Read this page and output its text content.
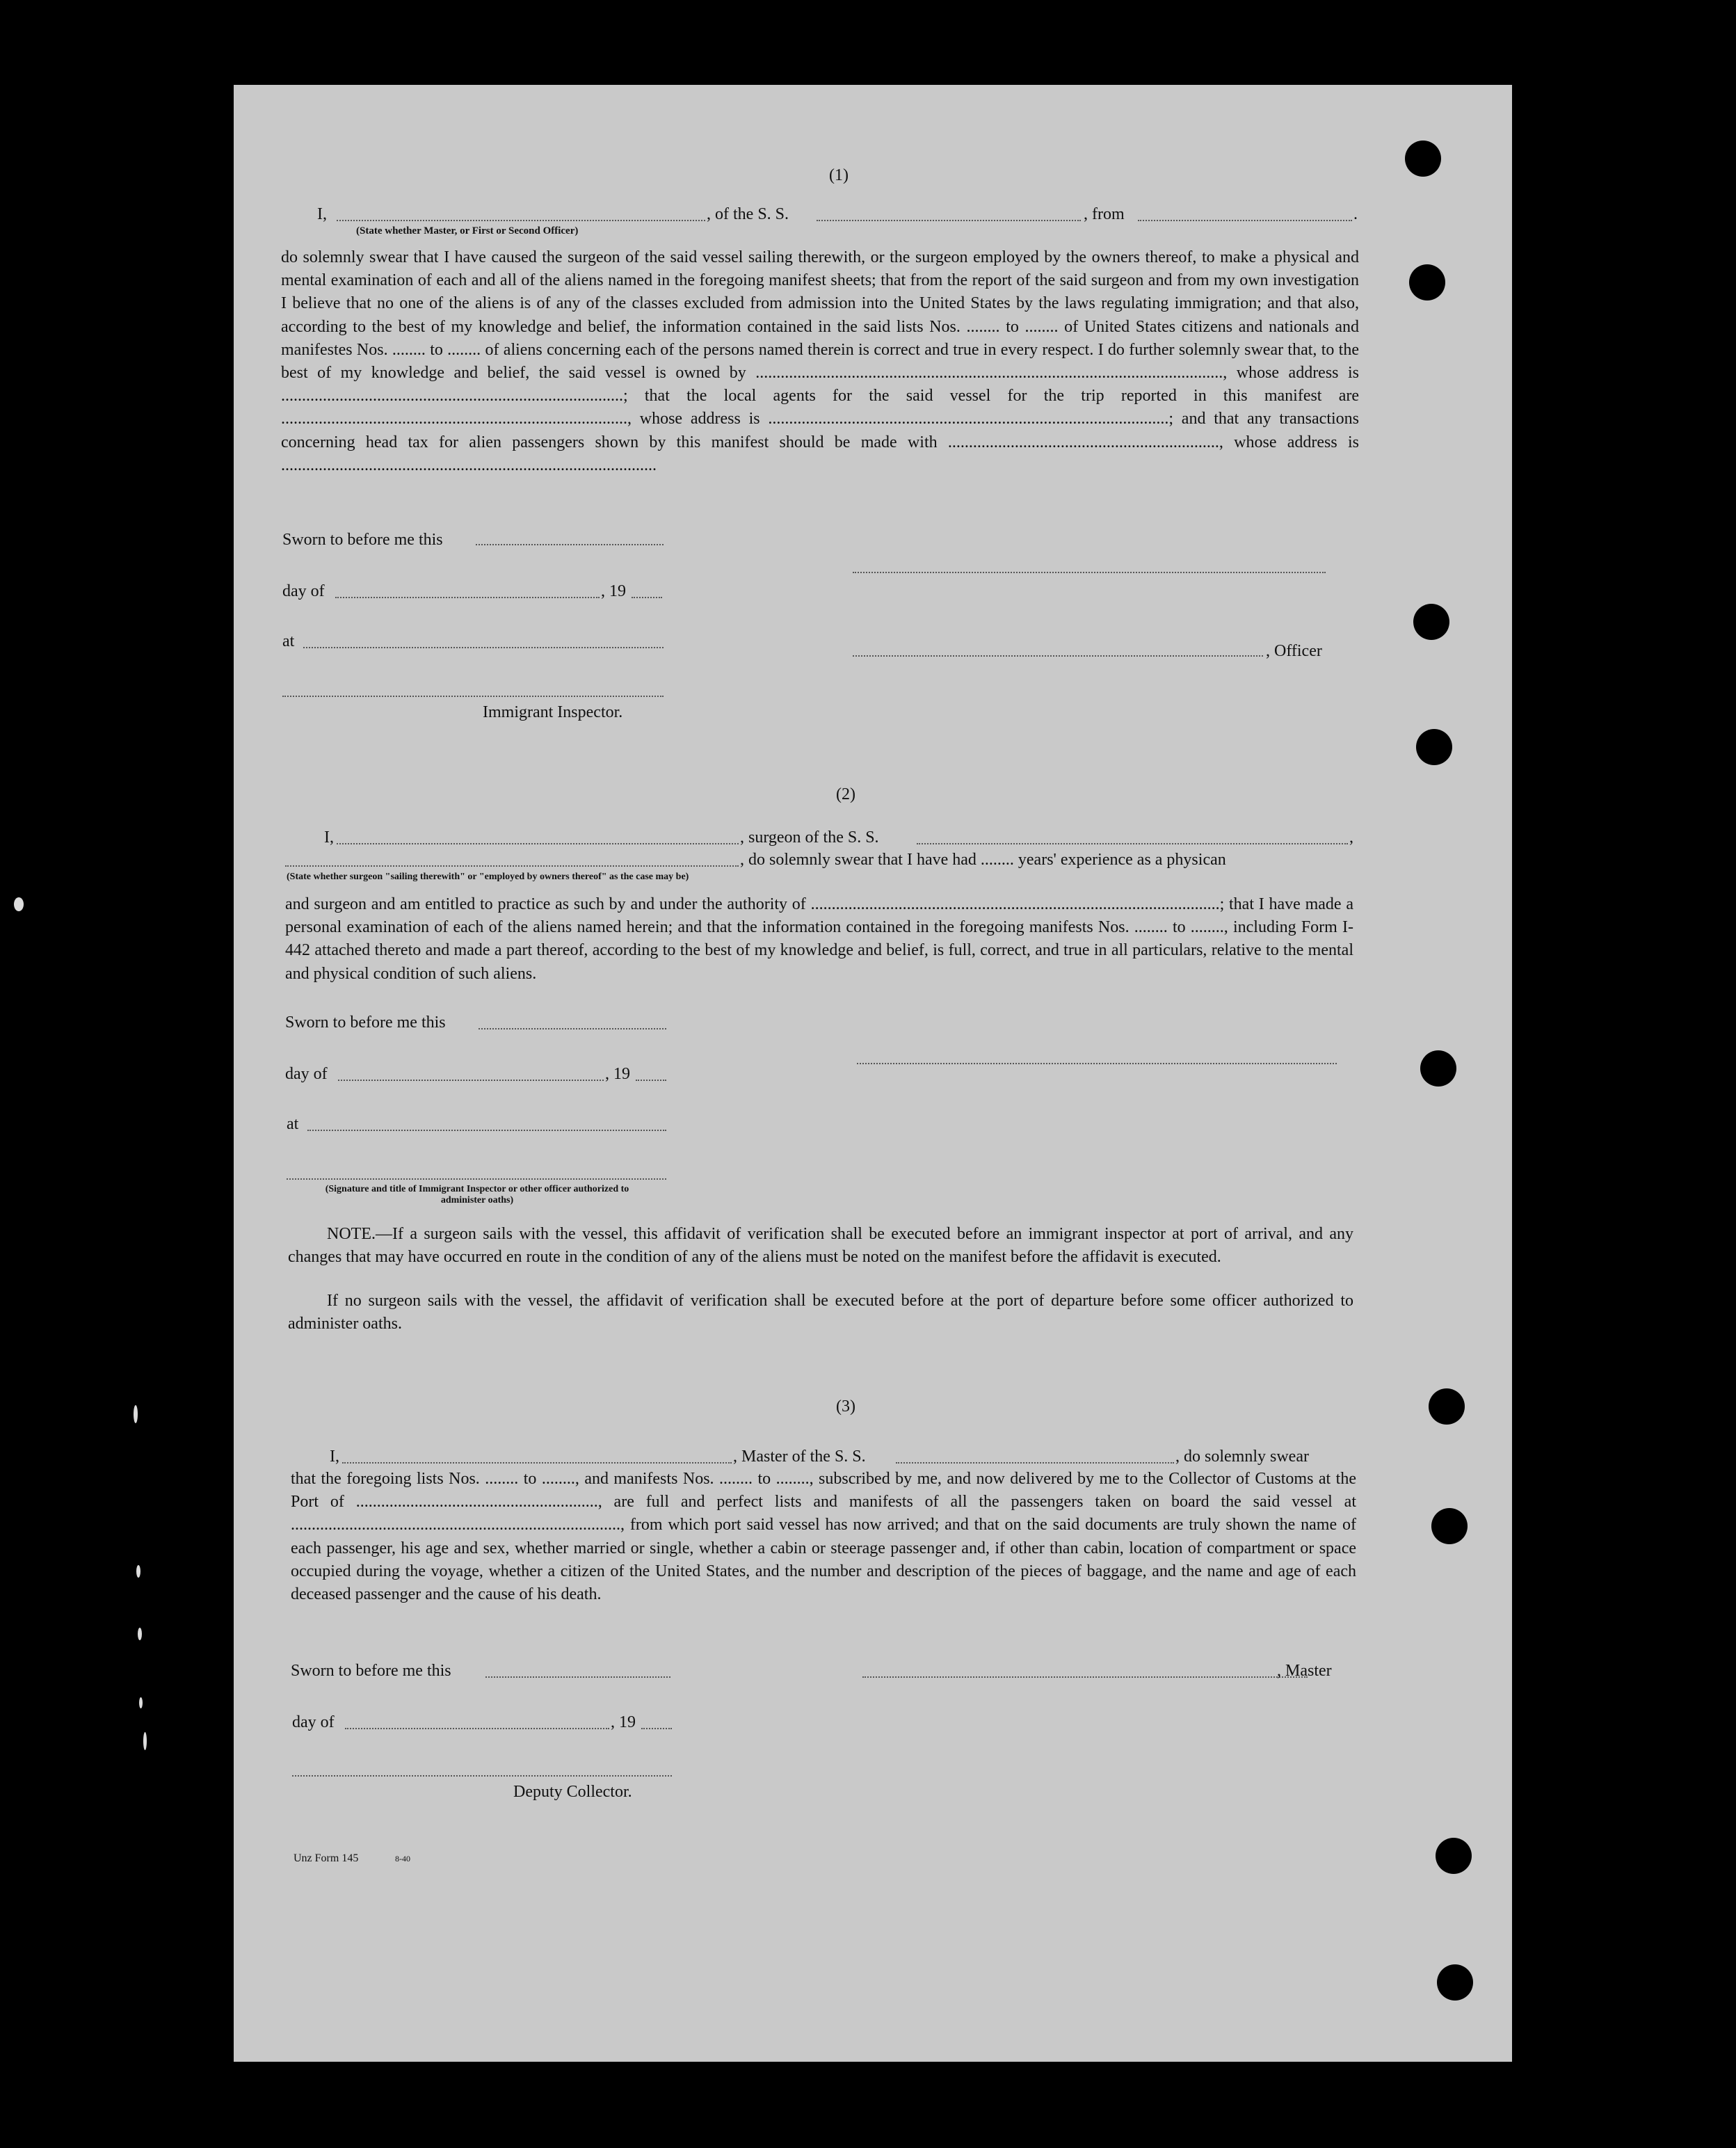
(1)
I,	, of the S. S.	, from	.
(State whether Master, or First or Second Officer)
do solemnly swear that I have caused the surgeon of the said vessel sailing therewith, or the surgeon employed by the owners thereof, to make a physical and mental examination of each and all of the aliens named in the foregoing manifest sheets; that from the report of the said surgeon and from my own investigation I believe that no one of the aliens is of any of the classes excluded from admission into the United States by the laws regulating immigration; and that also, according to the best of my knowledge and belief, the information contained in the said lists Nos. ........ to ........ of United States citizens and nationals and manifestes Nos. ........ to ........ of aliens concerning each of the persons named therein is correct and true in every respect. I do further solemnly swear that, to the best of my knowledge and belief, the said vessel is owned by ................................................................................................................, whose address is ..................................................................................; that the local agents for the said vessel for the trip reported in this manifest are ..................................................................................., whose address is ................................................................................................; and that any transactions concerning head tax for alien passengers shown by this manifest should be made with ................................................................., whose address is ..........................................................................................
Sworn to before me this
day of	, 19
at
, Officer
Immigrant Inspector.
(2)
I,	, surgeon of the S. S.	,
, do solemnly swear that I have had ........ years' experience as a physican
(State whether surgeon "sailing therewith" or "employed by owners thereof" as the case may be)
and surgeon and am entitled to practice as such by and under the authority of ..................................................................................................; that I have made a personal examination of each of the aliens named herein; and that the information contained in the foregoing manifests Nos. ........ to ........, including Form I-442 attached thereto and made a part thereof, according to the best of my knowledge and belief, is full, correct, and true in all particulars, relative to the mental and physical condition of such aliens.
Sworn to before me this
day of	, 19
at
(Signature and title of Immigrant Inspector or other officer authorized to administer oaths)
NOTE.—If a surgeon sails with the vessel, this affidavit of verification shall be executed before an immigrant inspector at port of arrival, and any changes that may have occurred en route in the condition of any of the aliens must be noted on the manifest before the affidavit is executed.
If no surgeon sails with the vessel, the affidavit of verification shall be executed before at the port of departure before some officer authorized to administer oaths.
(3)
I,	, Master of the S. S.	, do solemnly swear
that the foregoing lists Nos. ........ to ........, and manifests Nos. ........ to ........, subscribed by me, and now delivered by me to the Collector of Customs at the Port of .........................................................., are full and perfect lists and manifests of all the passengers taken on board the said vessel at ..............................................................................., from which port said vessel has now arrived; and that on the said documents are truly shown the name of each passenger, his age and sex, whether married or single, whether a cabin or steerage passenger and, if other than cabin, location of compartment or space occupied during the voyage, whether a citizen of the United States, and the number and description of the pieces of baggage, and the name and age of each deceased passenger and the cause of his death.
Sworn to before me this	, Master
day of	, 19
Deputy Collector.
Unz Form 145	8-40
